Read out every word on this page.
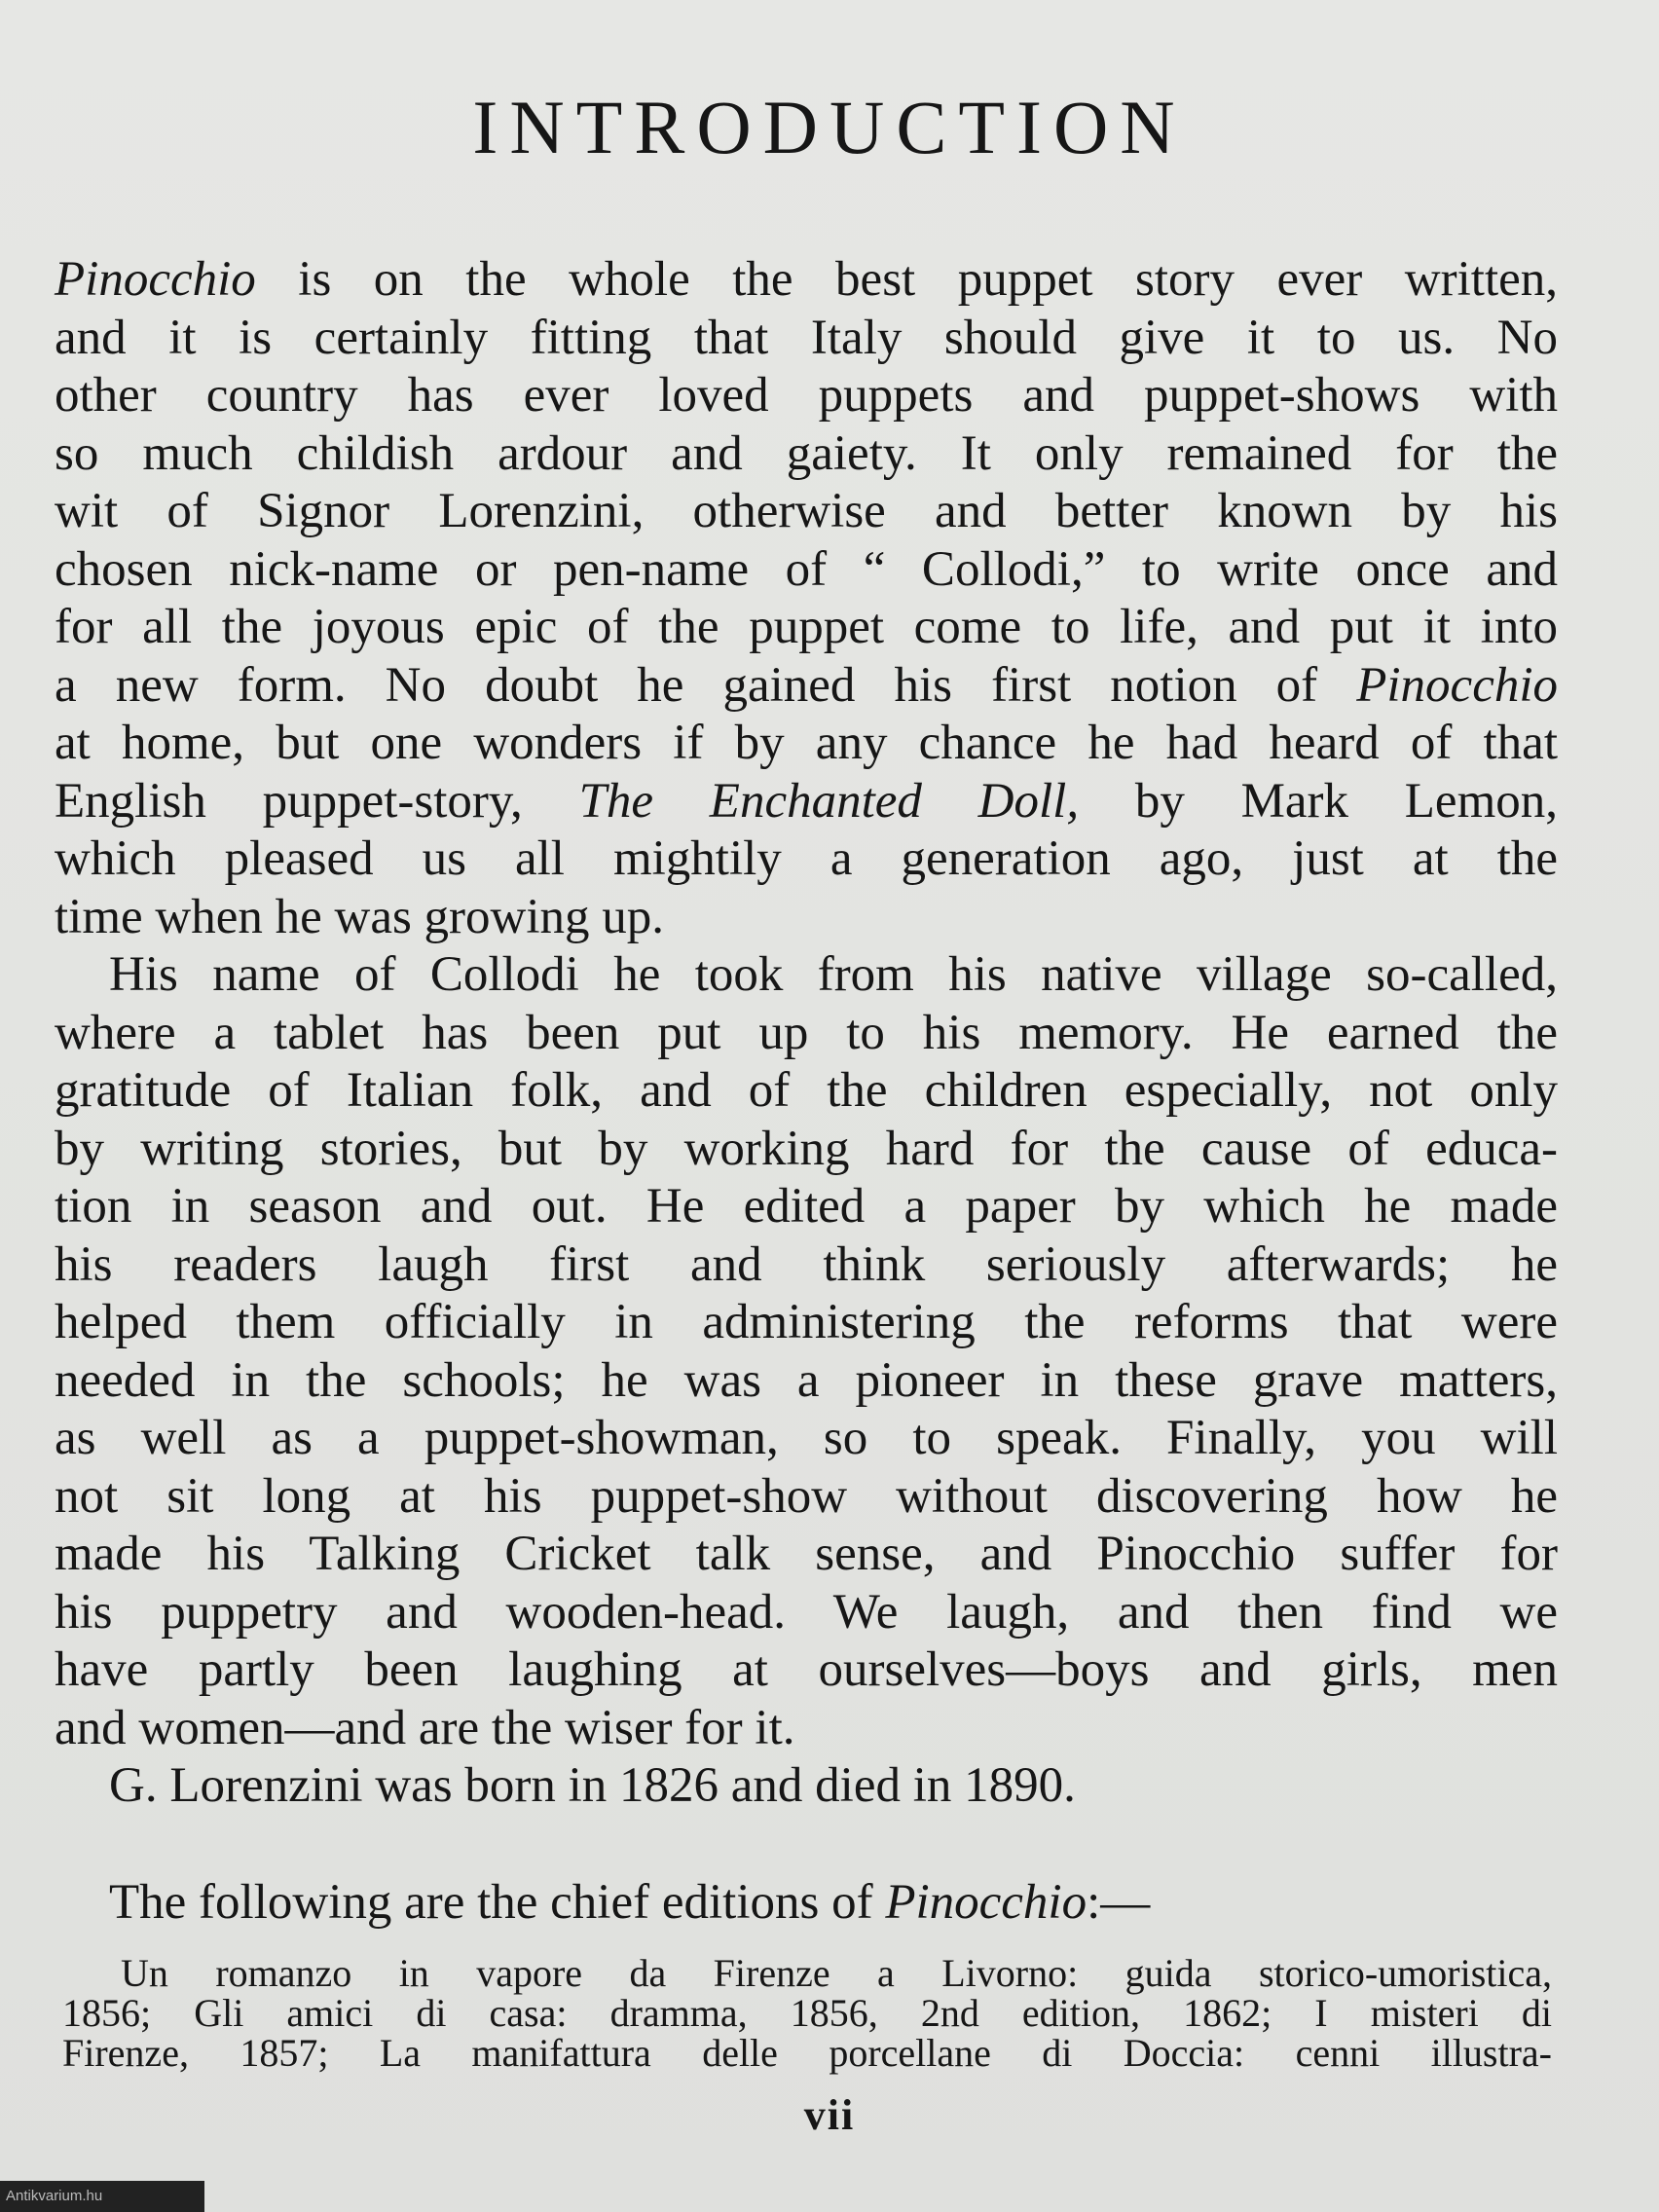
INTRODUCTION
Pinocchio is on the whole the best puppet story ever written,
and it is certainly fitting that Italy should give it to us. No
other country has ever loved puppets and puppet-shows with
so much childish ardour and gaiety. It only remained for the
wit of Signor Lorenzini, otherwise and better known by his
chosen nick-name or pen-name of “ Collodi,” to write once and
for all the joyous epic of the puppet come to life, and put it into
a new form. No doubt he gained his first notion of Pinocchio
at home, but one wonders if by any chance he had heard of that
English puppet-story, The Enchanted Doll, by Mark Lemon,
which pleased us all mightily a generation ago, just at the
time when he was growing up.
His name of Collodi he took from his native village so-called,
where a tablet has been put up to his memory. He earned the
gratitude of Italian folk, and of the children especially, not only
by writing stories, but by working hard for the cause of educa-
tion in season and out. He edited a paper by which he made
his readers laugh first and think seriously afterwards; he
helped them officially in administering the reforms that were
needed in the schools; he was a pioneer in these grave matters,
as well as a puppet-showman, so to speak. Finally, you will
not sit long at his puppet-show without discovering how he
made his Talking Cricket talk sense, and Pinocchio suffer for
his puppetry and wooden-head. We laugh, and then find we
have partly been laughing at ourselves—boys and girls, men
and women—and are the wiser for it.
G. Lorenzini was born in 1826 and died in 1890.
The following are the chief editions of Pinocchio:—
Un romanzo in vapore da Firenze a Livorno: guida storico-umoristica,
1856; Gli amici di casa: dramma, 1856, 2nd edition, 1862; I misteri di
Firenze, 1857; La manifattura delle porcellane di Doccia: cenni illustra-
vii
Antikvarium.hu
